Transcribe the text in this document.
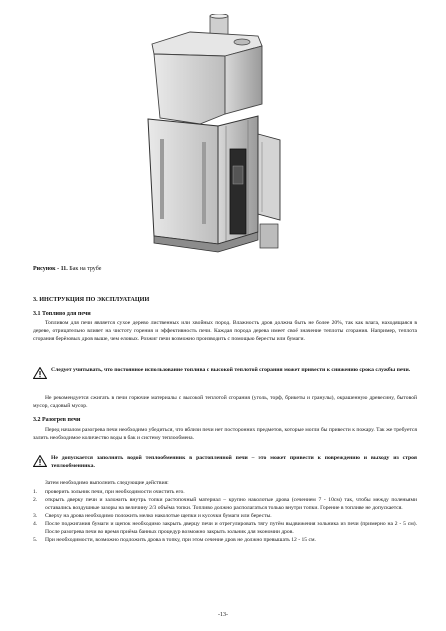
Рисунок - 11. Бак на трубе
3. ИНСТРУКЦИЯ ПО ЭКСПЛУАТАЦИИ
3.1 Топливо для печи
Топливом для печи является сухое дерево лиственных или хвойных пород. Влажность дров должна быть не более 20%, так как влага, находящаяся в дереве, отрицательно влияет на чистоту горения и эффективность печи. Каждая порода дерева имеет своё значение теплоты сгорания. Например, теплота сгорания берёзовых дров выше, чем еловых. Розжиг печи возможно производить с помощью бересты или бумаги.
Следует учитывать, что постоянное использование топлива с высокой теплотой сгорания может привести к снижению срока службы печи.
Не рекомендуется сжигать в печи горючие материалы с высокой теплотой сгорания (уголь, торф, брикеты и гранулы), окрашенную древесину, бытовой мусор, садовый мусор.
3.2 Разогрев печи
Перед началом разогрева печи необходимо убедиться, что вблизи печи нет посторонних предметов, которые могли бы привести к пожару. Так же требуется залить необходимое количество воды в бак и систему теплообмена.
Не допускается заполнять водой теплообменник в растопленной печи – это может привести к повреждению и выходу из строя теплообменника.
Затем необходимо выполнить следующие действия:
1.	проверить зольник печи, при необходимости очистить его.
2.	открыть дверку печи и заложить внутрь топки растопочный материал – крупно наколотые дрова (сечением 7 - 10см) так, чтобы между поленьями оставались воздушные зазоры на величину 2/3 объёма топки. Топливо должно располагаться только внутри топки. Горение в топливе не допускается.
3.	Сверху на дрова необходимо положить мелко наколотые щепки и кусочки бумаги или бересты.
4.	После поджигания бумаги и щепок необходимо закрыть дверцу печи и отрегулировать тягу путём выдвижения зольника из печи (примерно на 2 - 5 см). После разогрева печи во время приёма банных процедур возможно закрыть зольник для экономии дров.
5.	При необходимости, возможно подложить дрова в топку, при этом сечение дров не должно превышать 12 - 15 см.
-13-
